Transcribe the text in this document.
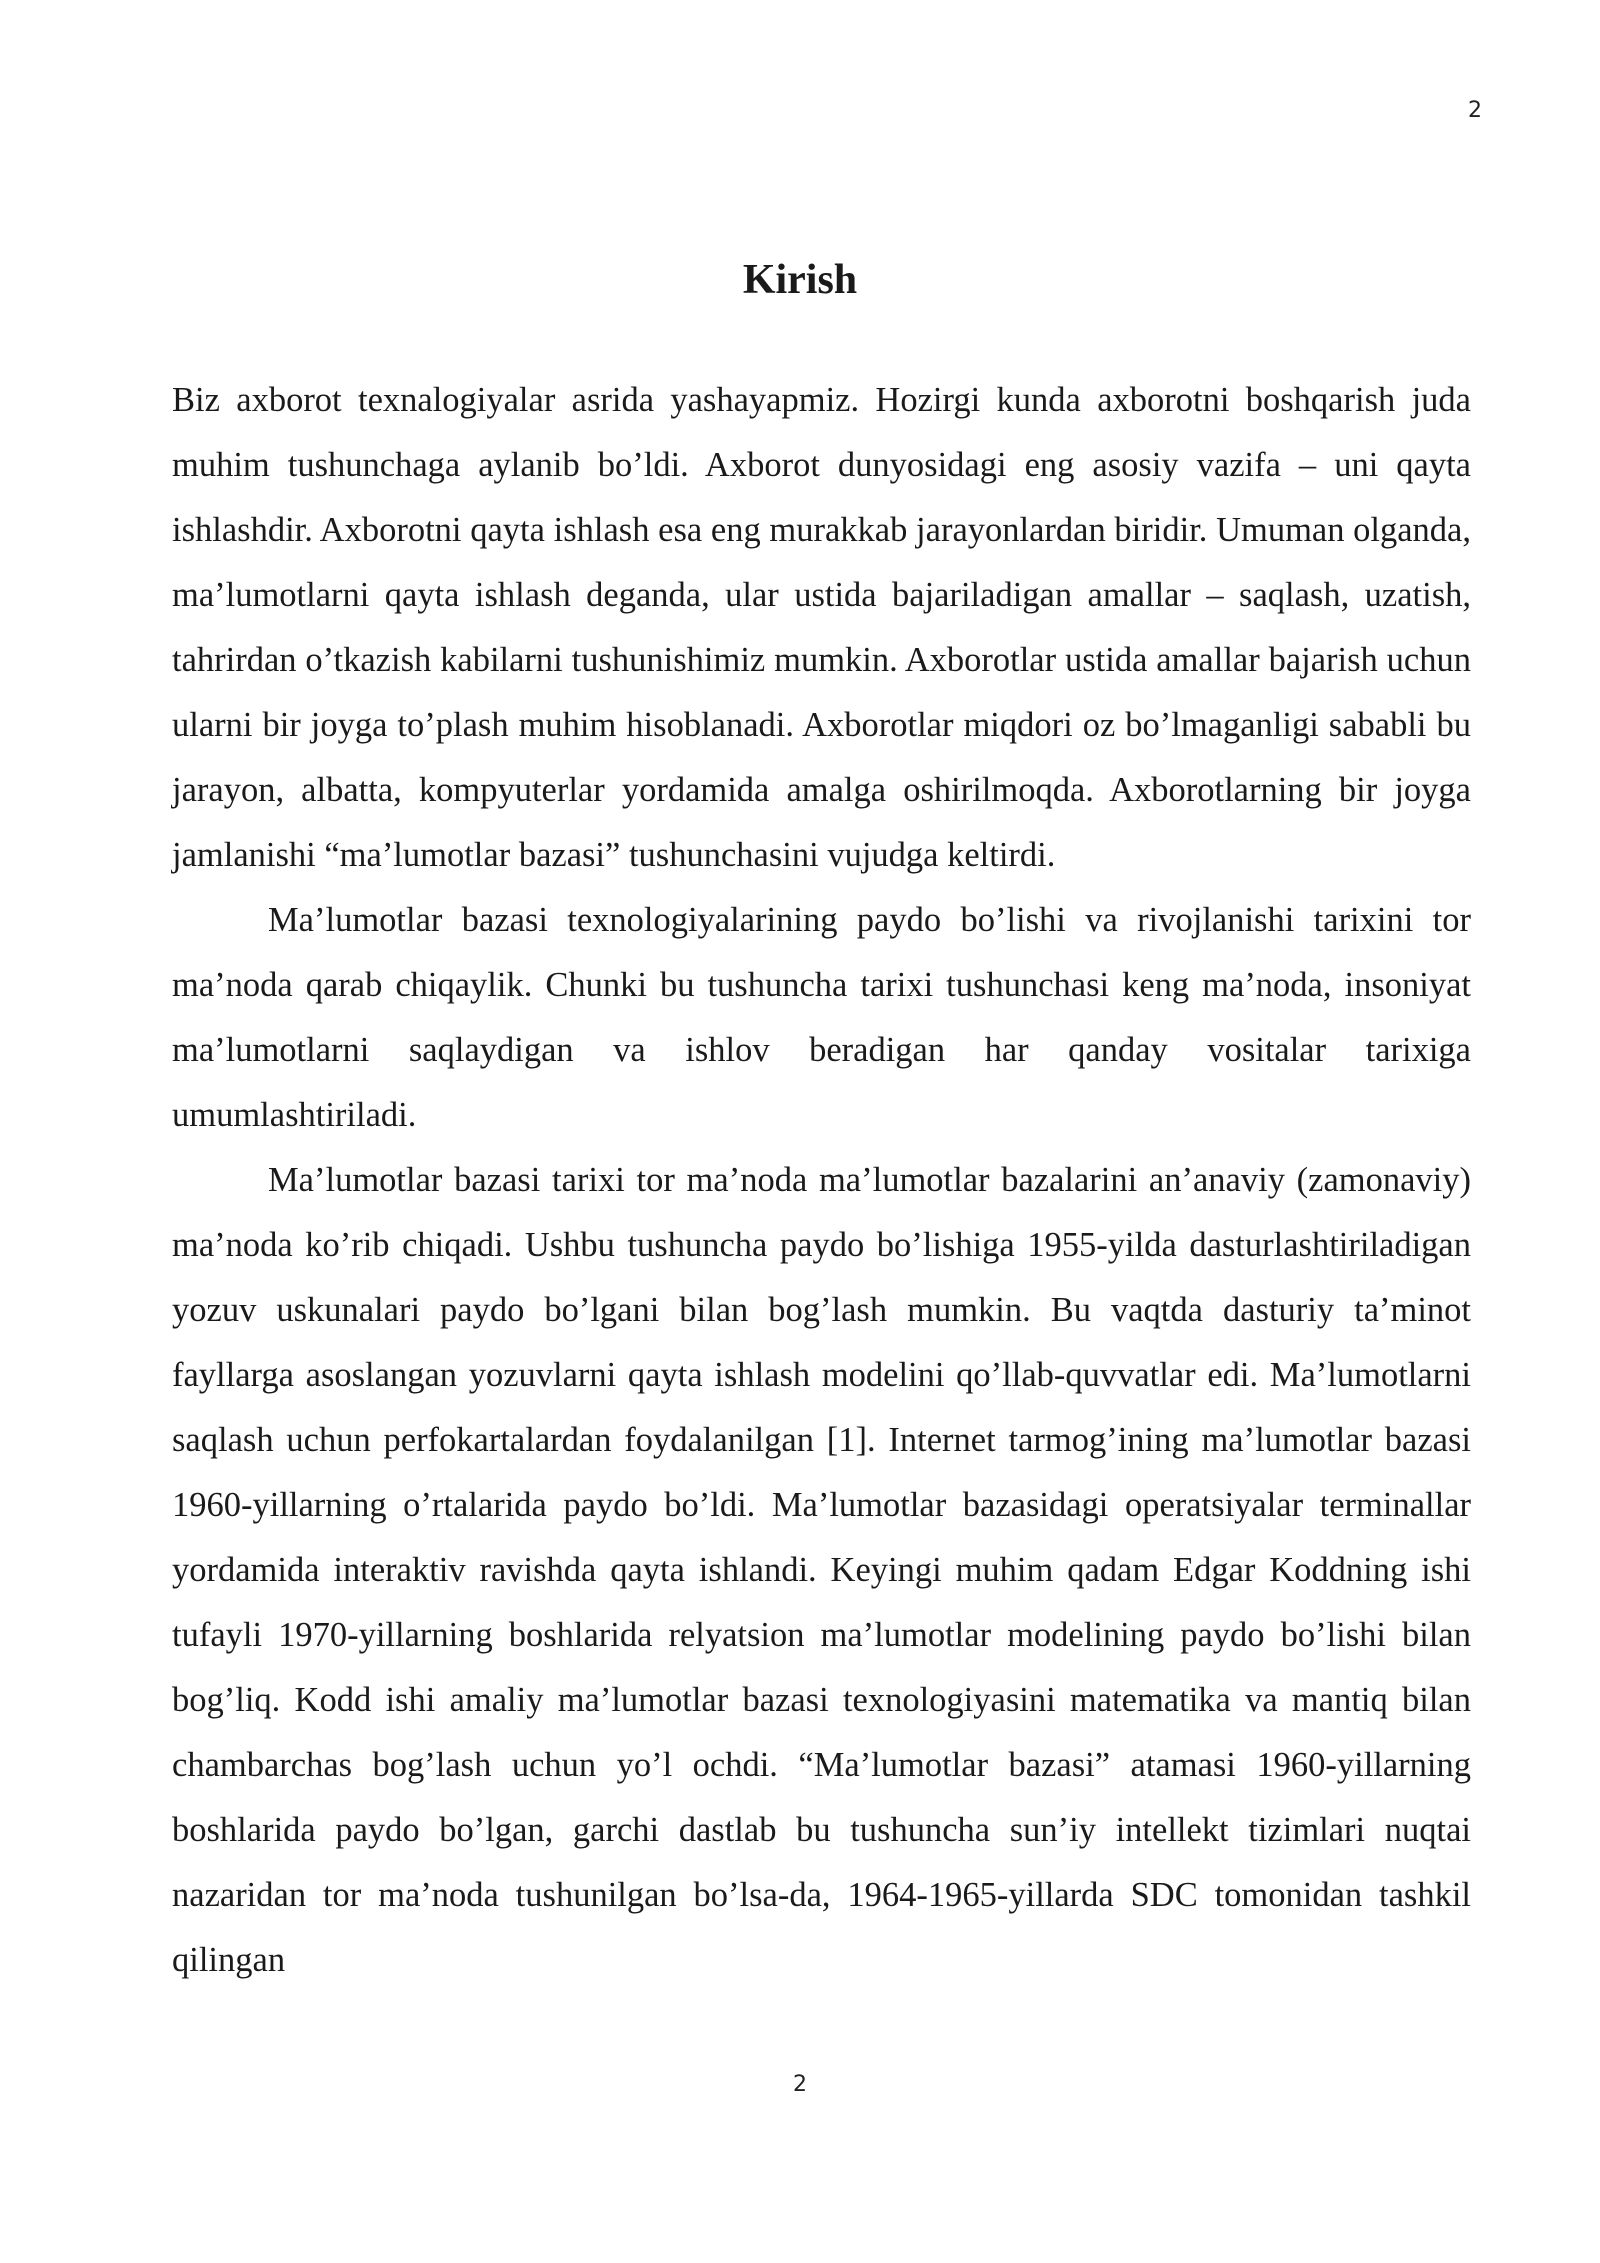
2
Kirish

Biz axborot texnalogiyalar asrida yashayapmiz. Hozirgi kunda axborotni boshqarish juda muhim tushunchaga aylanib bo’ldi. Axborot dunyosidagi eng asosiy vazifa – uni qayta ishlashdir. Axborotni qayta ishlash esa eng murakkab jarayonlardan biridir. Umuman olganda, ma’lumotlarni qayta ishlash deganda, ular ustida bajariladigan amallar – saqlash, uzatish, tahrirdan o’tkazish kabilarni tushunishimiz mumkin. Axborotlar ustida amallar bajarish uchun ularni bir joyga to’plash muhim hisoblanadi. Axborotlar miqdori oz bo’lmaganligi sababli bu jarayon, albatta, kompyuterlar yordamida amalga oshirilmoqda. Axborotlarning bir joyga jamlanishi “ma’lumotlar bazasi” tushunchasini vujudga keltirdi.

Ma’lumotlar bazasi texnologiyalarining paydo bo’lishi va rivojlanishi tarixini tor ma’noda qarab chiqaylik. Chunki bu tushuncha tarixi tushunchasi keng ma’noda, insoniyat ma’lumotlarni saqlaydigan va ishlov beradigan har qanday vositalar tarixiga umumlashtiriladi.

Ma’lumotlar bazasi tarixi tor ma’noda ma’lumotlar bazalarini an’anaviy (zamonaviy) ma’noda ko’rib chiqadi. Ushbu tushuncha paydo bo’lishiga 1955-yilda dasturlashtiriladigan yozuv uskunalari paydo bo’lgani bilan bog’lash mumkin. Bu vaqtda dasturiy ta’minot fayllarga asoslangan yozuvlarni qayta ishlash modelini qo’llab-quvvatlar edi. Ma’lumotlarni saqlash uchun perfokartalardan foydalanilgan [1]. Internet tarmog’ining ma’lumotlar bazasi 1960-yillarning o’rtalarida paydo bo’ldi. Ma’lumotlar bazasidagi operatsiyalar terminallar yordamida interaktiv ravishda qayta ishlandi. Keyingi muhim qadam Edgar Koddning ishi tufayli 1970-yillarning boshlarida relyatsion ma’lumotlar modelining paydo bo’lishi bilan bog’liq. Kodd ishi amaliy ma’lumotlar bazasi texnologiyasini matematika va mantiq bilan chambarchas bog’lash uchun yo’l ochdi. “Ma’lumotlar bazasi” atamasi 1960-yillarning boshlarida paydo bo’lgan, garchi dastlab bu tushuncha sun’iy intellekt tizimlari nuqtai nazaridan tor ma’noda tushunilgan bo’lsa-da, 1964-1965-yillarda SDC tomonidan tashkil qilingan

2
